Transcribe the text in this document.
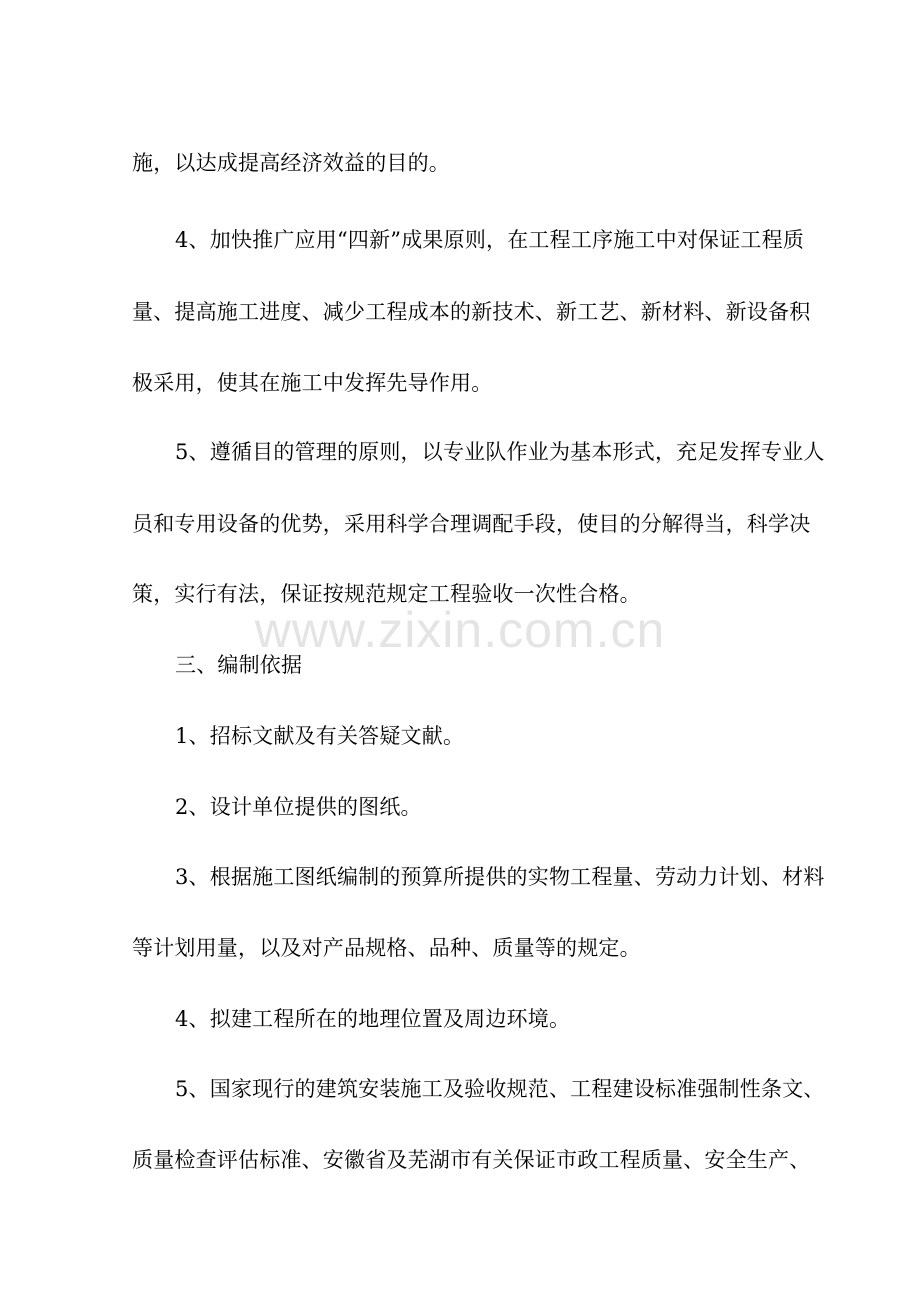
施，以达成提高经济效益的目的。
4、加快推广应用“四新”成果原则，在工程工序施工中对保证工程质
量、提高施工进度、减少工程成本的新技术、新工艺、新材料、新设备积
极采用，使其在施工中发挥先导作用。
5、遵循目的管理的原则，以专业队作业为基本形式，充足发挥专业人
员和专用设备的优势，采用科学合理调配手段，使目的分解得当，科学决
策，实行有法，保证按规范规定工程验收一次性合格。
www.zixin.com.cn
三、编制依据
1、招标文献及有关答疑文献。
2、设计单位提供的图纸。
3、根据施工图纸编制的预算所提供的实物工程量、劳动力计划、材料
等计划用量，以及对产品规格、品种、质量等的规定。
4、拟建工程所在的地理位置及周边环境。
5、国家现行的建筑安装施工及验收规范、工程建设标准强制性条文、
质量检查评估标准、安徽省及芜湖市有关保证市政工程质量、安全生产、
